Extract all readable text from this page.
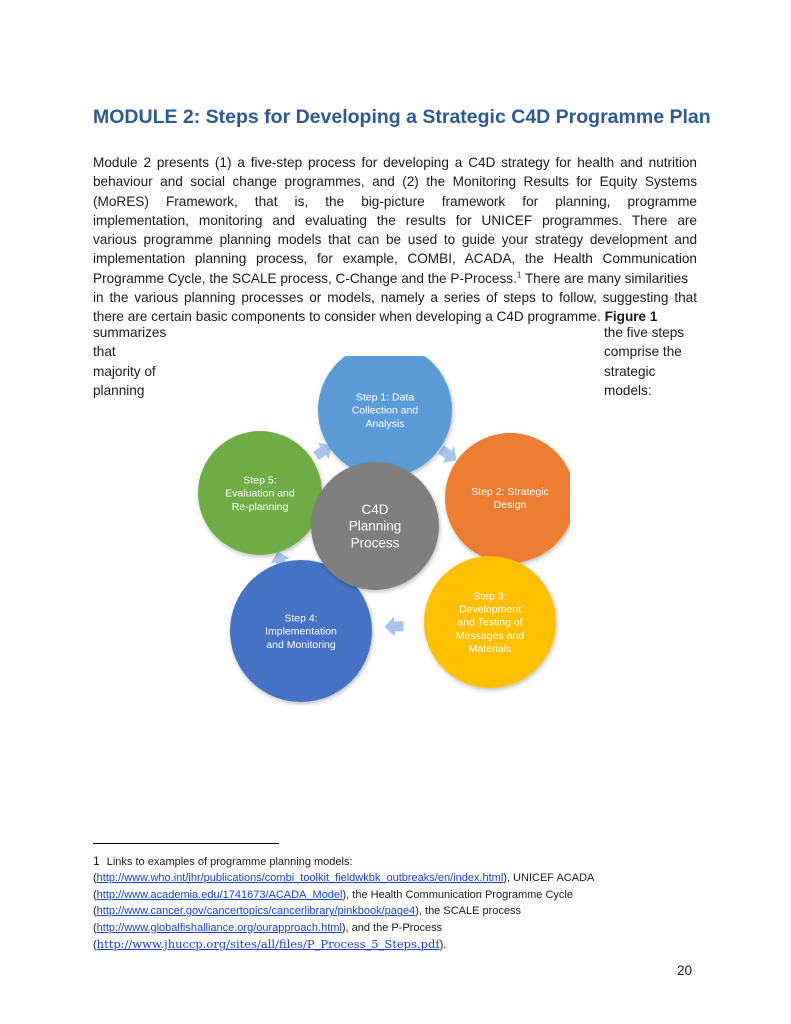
MODULE 2: Steps for Developing a Strategic C4D Programme Plan
Module 2 presents (1) a five-step process for developing a C4D strategy for health and nutrition
behaviour and social change programmes, and (2) the Monitoring Results for Equity Systems
(MoRES) Framework, that is, the big-picture framework for planning, programme
implementation, monitoring and evaluating the results for UNICEF programmes. There are
various programme planning models that can be used to guide your strategy development and
implementation planning process, for example, COMBI, ACADA, the Health Communication
Programme Cycle, the SCALE process, C-Change and the P-Process.$^1$ There are many similarities
in the various planning processes or models, namely a series of steps to follow, suggesting that
there are certain basic components to consider when developing a C4D programme. Figure 1
summarizes
that
majority of
planning
the five steps
comprise the
strategic
models:
Step 1: Data
Collection and
Analysis
Step 2: Strategic
Design
Step 3:
Development
and Testing of
Messages and
Materials
Step 4:
Implementation
and Monitoring
Step 5:
Evaluation and
Re-planning	C4D
Planning
Process
1 Links to examples of programme planning models:
(http://www.who.int/ihr/publications/combi_toolkit_fieldwkbk_outbreaks/en/index.html), UNICEF ACADA
(http://www.academia.edu/1741673/ACADA_Model), the Health Communication Programme Cycle
(http://www.cancer.gov/cancertopics/cancerlibrary/pinkbook/page4), the SCALE process
(http://www.globalfishalliance.org/ourapproach.html), and the P-Process
(http://www.jhuccp.org/sites/all/files/P_Process_5_Steps.pdf).

20
